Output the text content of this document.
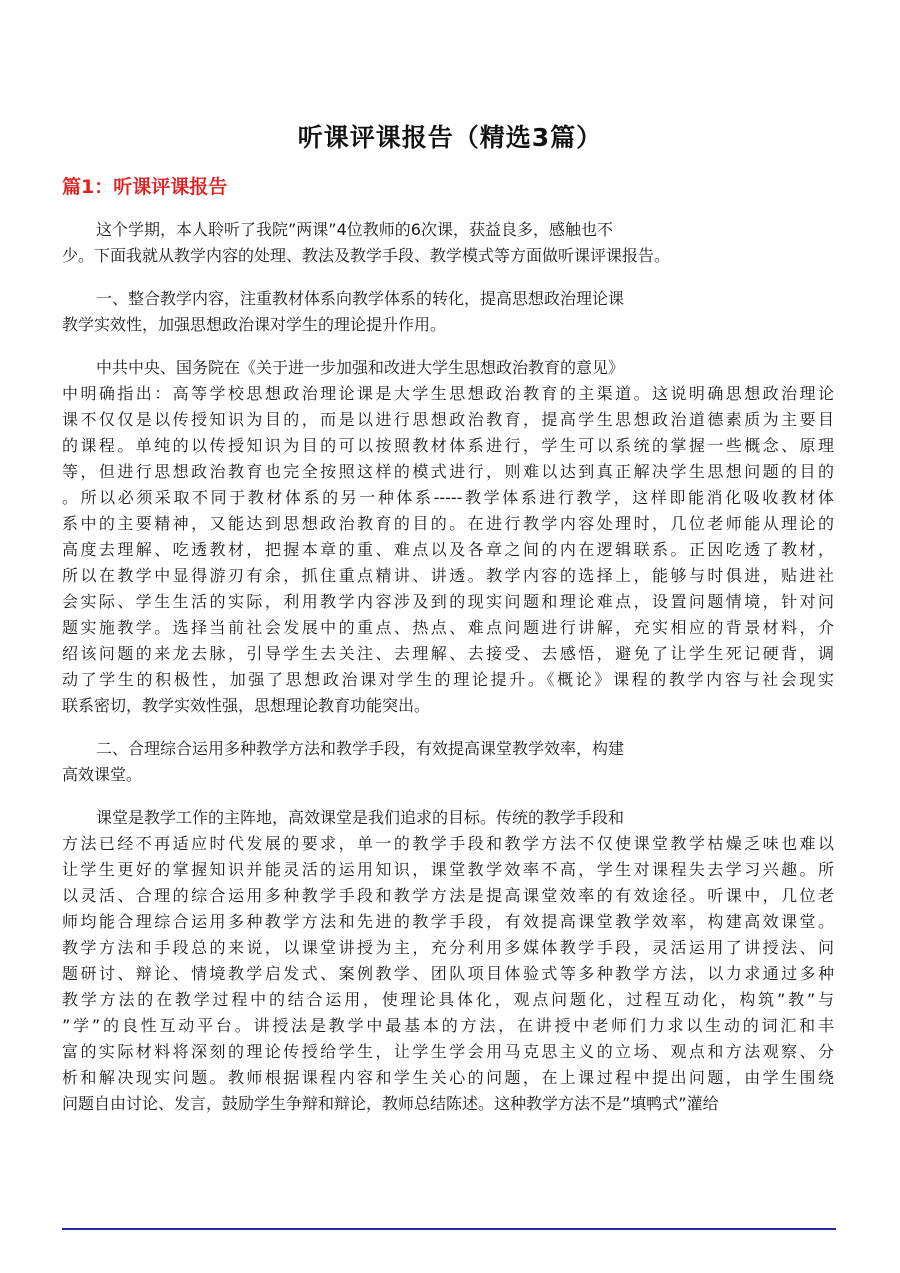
听课评课报告（精选3篇）
篇1：听课评课报告
这个学期，本人聆听了我院”两课”4位教师的6次课，获益良多，感触也不
少。下面我就从教学内容的处理、教法及教学手段、教学模式等方面做听课评课报告。
一、整合教学内容，注重教材体系向教学体系的转化，提高思想政治理论课
教学实效性，加强思想政治课对学生的理论提升作用。
中共中央、国务院在《关于进一步加强和改进大学生思想政治教育的意见》
中明确指出：高等学校思想政治理论课是大学生思想政治教育的主渠道。这说明确思想政治理论
课不仅仅是以传授知识为目的，而是以进行思想政治教育，提高学生思想政治道德素质为主要目
的课程。单纯的以传授知识为目的可以按照教材体系进行，学生可以系统的掌握一些概念、原理
等，但进行思想政治教育也完全按照这样的模式进行，则难以达到真正解决学生思想问题的目的
。所以必须采取不同于教材体系的另一种体系-----教学体系进行教学，这样即能消化吸收教材体
系中的主要精神，又能达到思想政治教育的目的。在进行教学内容处理时，几位老师能从理论的
高度去理解、吃透教材，把握本章的重、难点以及各章之间的内在逻辑联系。正因吃透了教材，
所以在教学中显得游刃有余，抓住重点精讲、讲透。教学内容的选择上，能够与时俱进，贴进社
会实际、学生生活的实际，利用教学内容涉及到的现实问题和理论难点，设置问题情境，针对问
题实施教学。选择当前社会发展中的重点、热点、难点问题进行讲解，充实相应的背景材料，介
绍该问题的来龙去脉，引导学生去关注、去理解、去接受、去感悟，避免了让学生死记硬背，调
动了学生的积极性，加强了思想政治课对学生的理论提升。《概论》课程的教学内容与社会现实
联系密切，教学实效性强，思想理论教育功能突出。
二、合理综合运用多种教学方法和教学手段，有效提高课堂教学效率，构建
高效课堂。
课堂是教学工作的主阵地，高效课堂是我们追求的目标。传统的教学手段和
方法已经不再适应时代发展的要求，单一的教学手段和教学方法不仅使课堂教学枯燥乏味也难以
让学生更好的掌握知识并能灵活的运用知识，课堂教学效率不高，学生对课程失去学习兴趣。所
以灵活、合理的综合运用多种教学手段和教学方法是提高课堂效率的有效途径。听课中，几位老
师均能合理综合运用多种教学方法和先进的教学手段，有效提高课堂教学效率，构建高效课堂。
教学方法和手段总的来说，以课堂讲授为主，充分利用多媒体教学手段，灵活运用了讲授法、问
题研讨、辩论、情境教学启发式、案例教学、团队项目体验式等多种教学方法，以力求通过多种
教学方法的在教学过程中的结合运用，使理论具体化，观点问题化，过程互动化，构筑”教”与
”学”的良性互动平台。讲授法是教学中最基本的方法，在讲授中老师们力求以生动的词汇和丰
富的实际材料将深刻的理论传授给学生，让学生学会用马克思主义的立场、观点和方法观察、分
析和解决现实问题。教师根据课程内容和学生关心的问题，在上课过程中提出问题，由学生围绕
问题自由讨论、发言，鼓励学生争辩和辩论，教师总结陈述。这种教学方法不是”填鸭式”灌给
